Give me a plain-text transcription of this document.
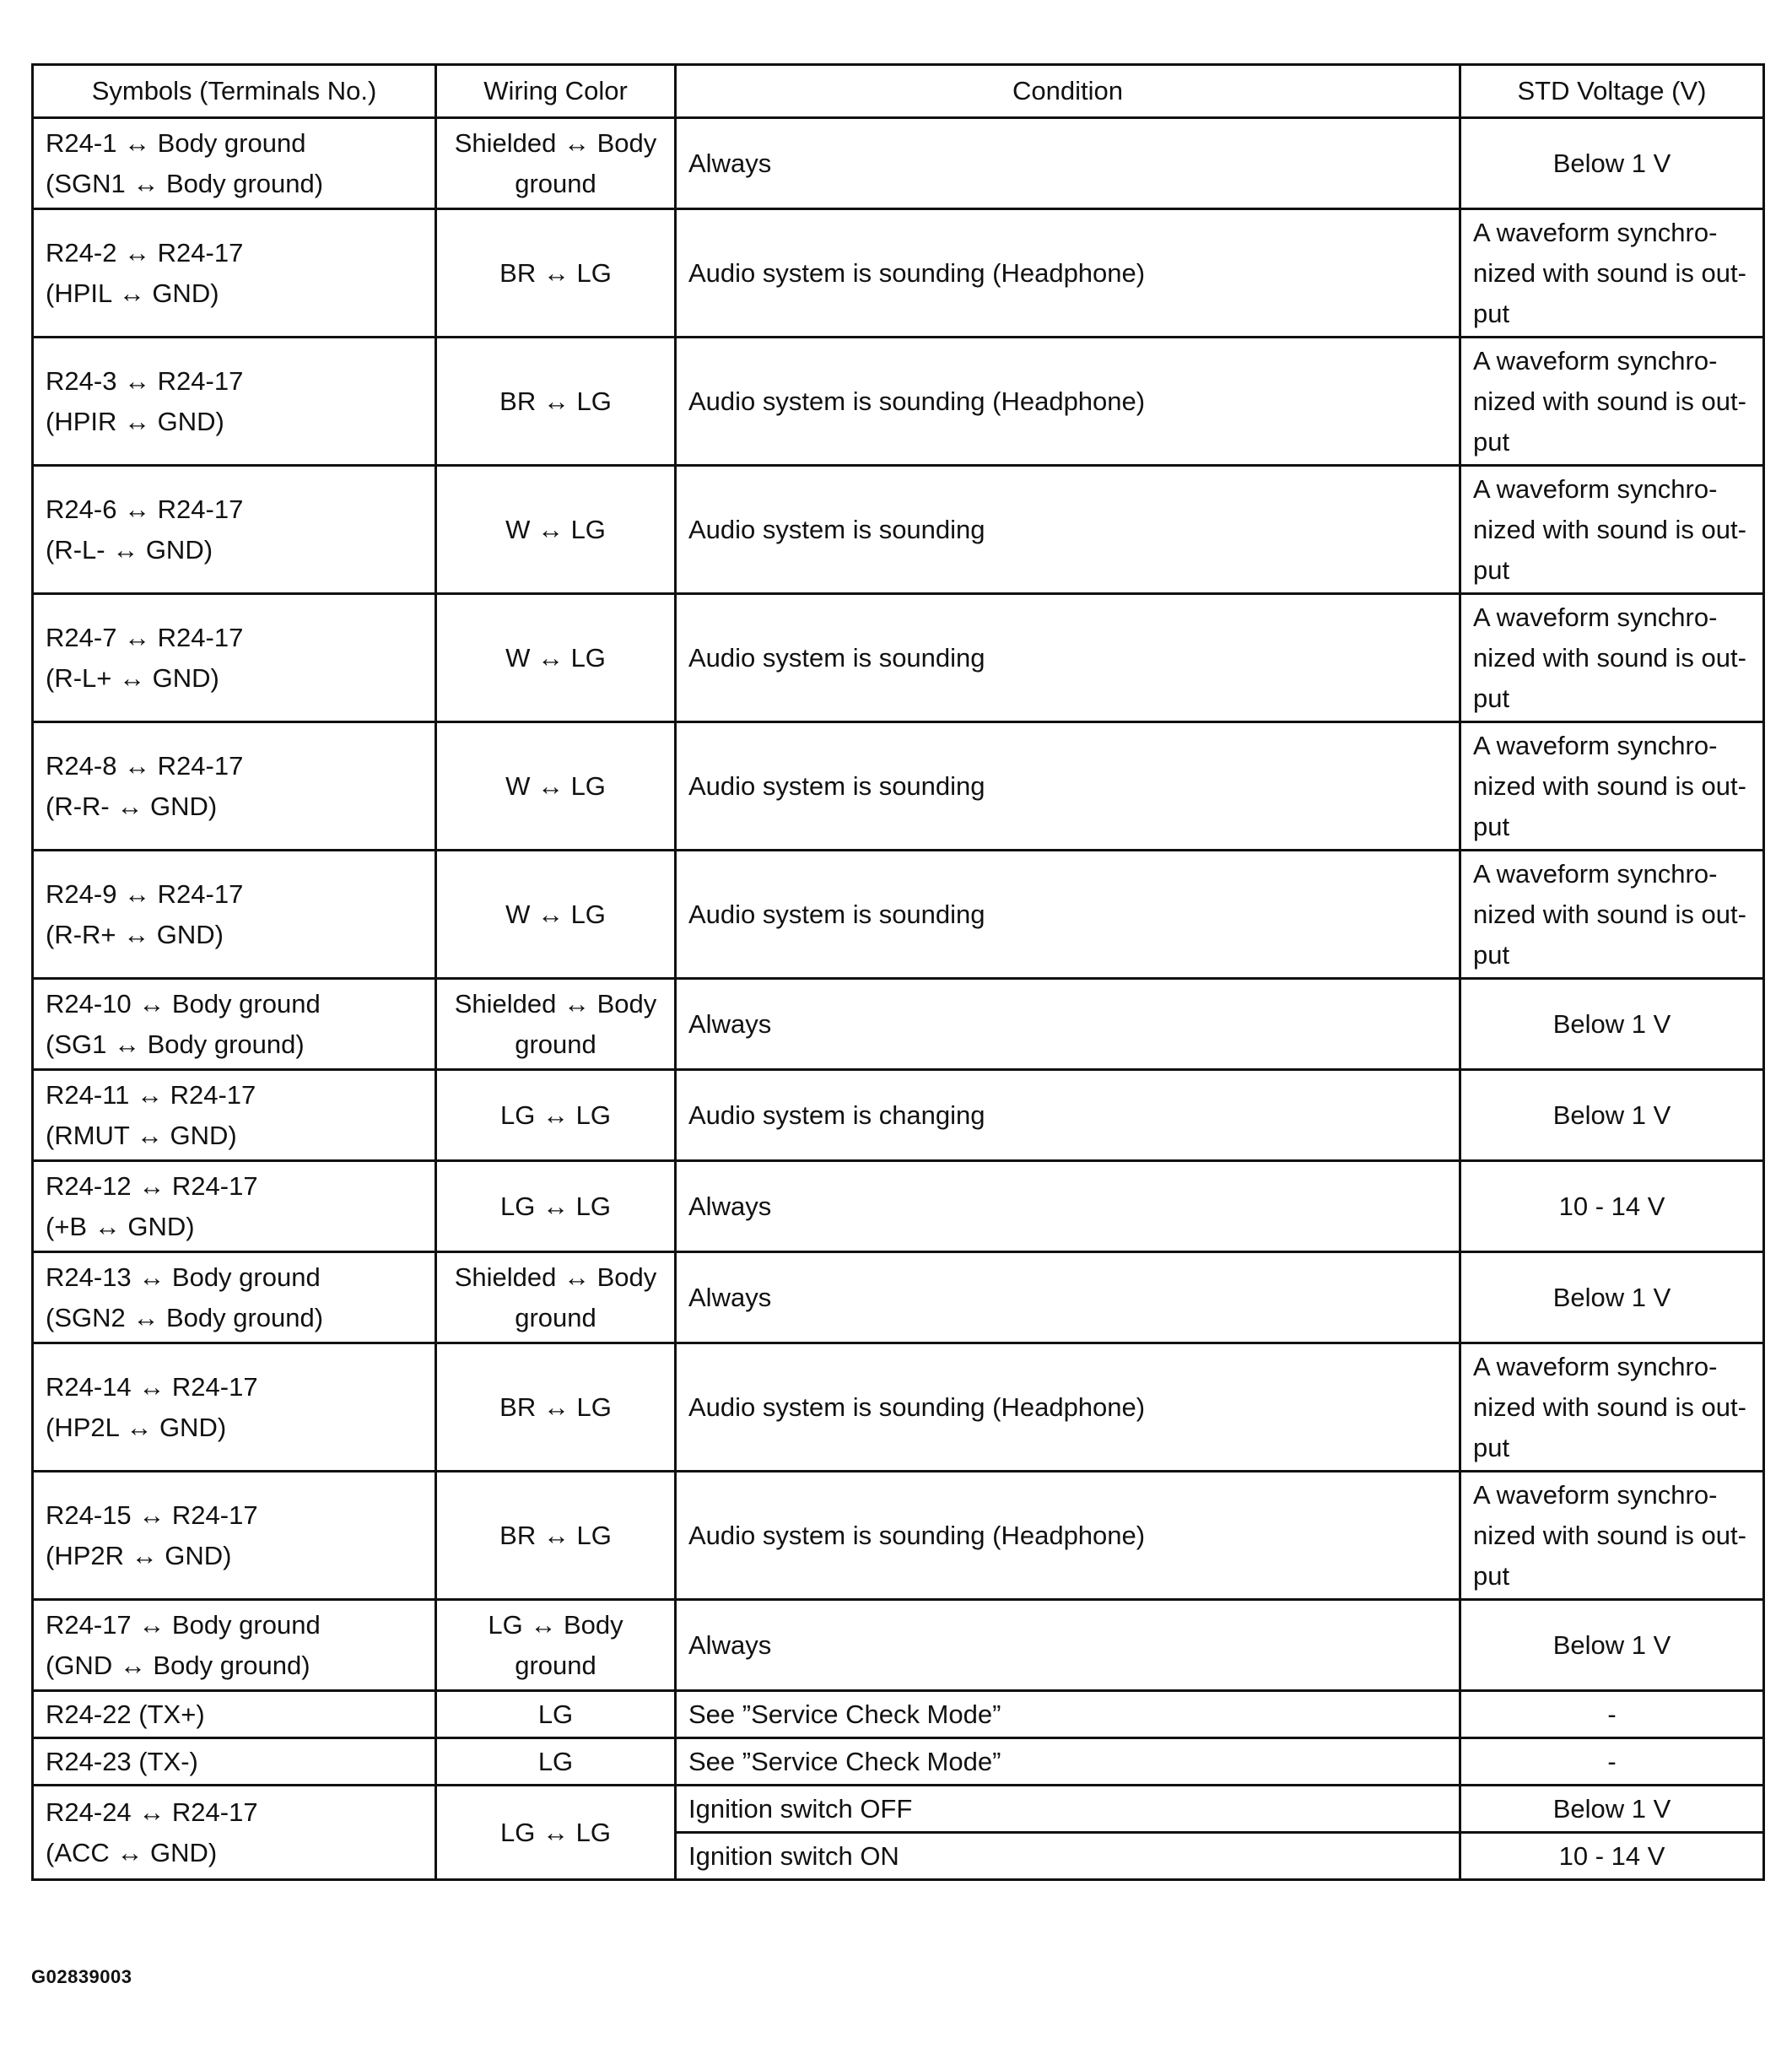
Symbols (Terminals No.)	Wiring Color	Condition	STD Voltage (V)

R24-1 ↔ Body ground
(SGN1 ↔ Body ground)	Shielded ↔ Body
ground	Always	Below 1 V

R24-2 ↔ R24-17
(HPIL ↔ GND)	BR ↔ LG	Audio system is sounding (Headphone)	A waveform synchro-
nized with sound is out-
put

R24-3 ↔ R24-17
(HPIR ↔ GND)	BR ↔ LG	Audio system is sounding (Headphone)	A waveform synchro-
nized with sound is out-
put

R24-6 ↔ R24-17
(R-L- ↔ GND)	W ↔ LG	Audio system is sounding	A waveform synchro-
nized with sound is out-
put

R24-7 ↔ R24-17
(R-L+ ↔ GND)	W ↔ LG	Audio system is sounding	A waveform synchro-
nized with sound is out-
put

R24-8 ↔ R24-17
(R-R- ↔ GND)	W ↔ LG	Audio system is sounding	A waveform synchro-
nized with sound is out-
put

R24-9 ↔ R24-17
(R-R+ ↔ GND)	W ↔ LG	Audio system is sounding	A waveform synchro-
nized with sound is out-
put

R24-10 ↔ Body ground
(SG1 ↔ Body ground)	Shielded ↔ Body
ground	Always	Below 1 V

R24-11 ↔ R24-17
(RMUT ↔ GND)	LG ↔ LG	Audio system is changing	Below 1 V

R24-12 ↔ R24-17
(+B ↔ GND)	LG ↔ LG	Always	10 - 14 V

R24-13 ↔ Body ground
(SGN2 ↔ Body ground)	Shielded ↔ Body
ground	Always	Below 1 V

R24-14 ↔ R24-17
(HP2L ↔ GND)	BR ↔ LG	Audio system is sounding (Headphone)	A waveform synchro-
nized with sound is out-
put

R24-15 ↔ R24-17
(HP2R ↔ GND)	BR ↔ LG	Audio system is sounding (Headphone)	A waveform synchro-
nized with sound is out-
put

R24-17 ↔ Body ground
(GND ↔ Body ground)	LG ↔ Body
ground	Always	Below 1 V

R24-22 (TX+)	LG	See ”Service Check Mode”	-

R24-23 (TX-)	LG	See ”Service Check Mode”	-

R24-24 ↔ R24-17
(ACC ↔ GND)	LG ↔ LG	Ignition switch OFF	Below 1 V
		Ignition switch ON	10 - 14 V
G02839003
